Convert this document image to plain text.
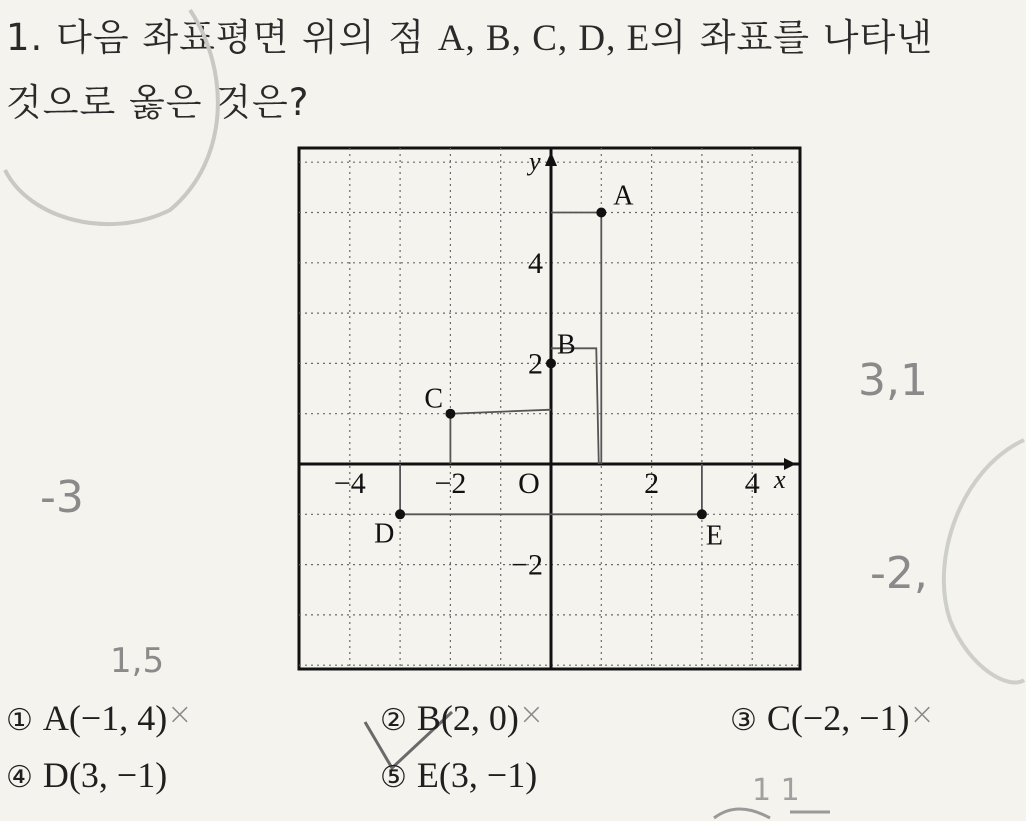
1. 다음 좌표평면 위의 점 A, B, C, D, E의 좌표를 나타낸
것으로 옳은 것은?
−4 −2	2	4
4
2
−2
O	x
y
A
B
C
D	E
1,5
-3
3,1
-2,
1 1
① A(−1, 4) ×	② B(2, 0) ×	③ C(−2, −1) ×
④ D(3, −1)	⑤ E(3, −1)
